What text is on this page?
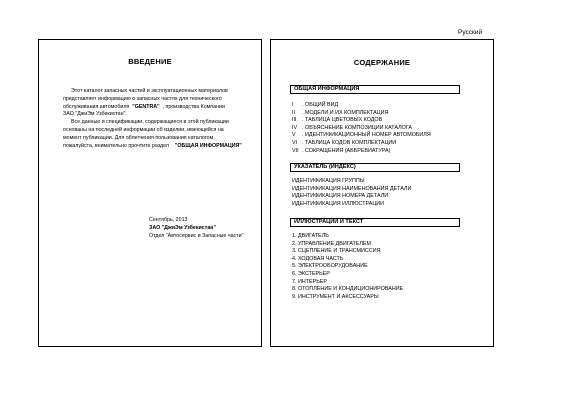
Русский
ВВЕДЕНИЕ

Этот каталог запасных частей и эксплуатационных материалов

представляет информацию о запасных частях для технического

обслуживания автомобиля "GENTRA" , производства Компании

ЗАО "ДжиЭм Узбекистан".

Все данные и спецификации, содержащиеся в этой публикации

основаны на последней информации об изделии, имеющейся на

момент публикации. Для облегчения пользования каталогом,

пожалуйста, внимательно прочтите раздел "ОБЩАЯ ИНФОРМАЦИЯ"

Сентябрь, 2013
ЗАО "ДжиЭм Узбекистан"
Отдел "Автосервис и Запасные части"
СОДЕРЖАНИЕ
ОБЩАЯ ИНФОРМАЦИЯ
I . ОБЩИЙ ВИД
II . МОДЕЛИ И ИХ КОМПЛЕКТАЦИЯ
III . ТАБЛИЦА ЦВЕТОВЫХ КОДОВ
IV . ОБЪЯСНЕНИЕ КОМПОЗИЦИИ КАТАЛОГА
V . ИДЕНТИФИКАЦИОННЫЙ НОМЕР АВТОМОБИЛЯ
VI . ТАБЛИЦА КОДОВ КОМПЛЕКТАЦИИ
VII . СОКРАЩЕНИЯ (АББРЕВИАТУРА)
УКАЗАТЕЛЬ (ИНДЕКС)
ИДЕНТИФИКАЦИЯ ГРУППЫ
ИДЕНТИФИКАЦИЯ НАИМЕНОВАНИЯ ДЕТАЛИ
ИДЕНТИФИКАЦИЯ НОМЕРА ДЕТАЛИ
ИДЕНТИФИКАЦИЯ ИЛЛЮСТРАЦИИ
ИЛЛЮСТРАЦИИ И ТЕКСТ
1. ДВИГАТЕЛЬ
2. УПРАВЛЕНИЕ ДВИГАТЕЛЕМ
3. СЦЕПЛЕНИЕ И ТРАНСМИССИЯ
4. ХОДОВАЯ ЧАСТЬ
5. ЭЛЕКТРООБОРУДОВАНИЕ
6. ЭКСТЕРЬЕР
7. ИНТЕРЬЕР
8. ОТОПЛЕНИЕ И КОНДИЦИОНИРОВАНИЕ
9. ИНСТРУМЕНТ И АКСЕССУАРЫ
